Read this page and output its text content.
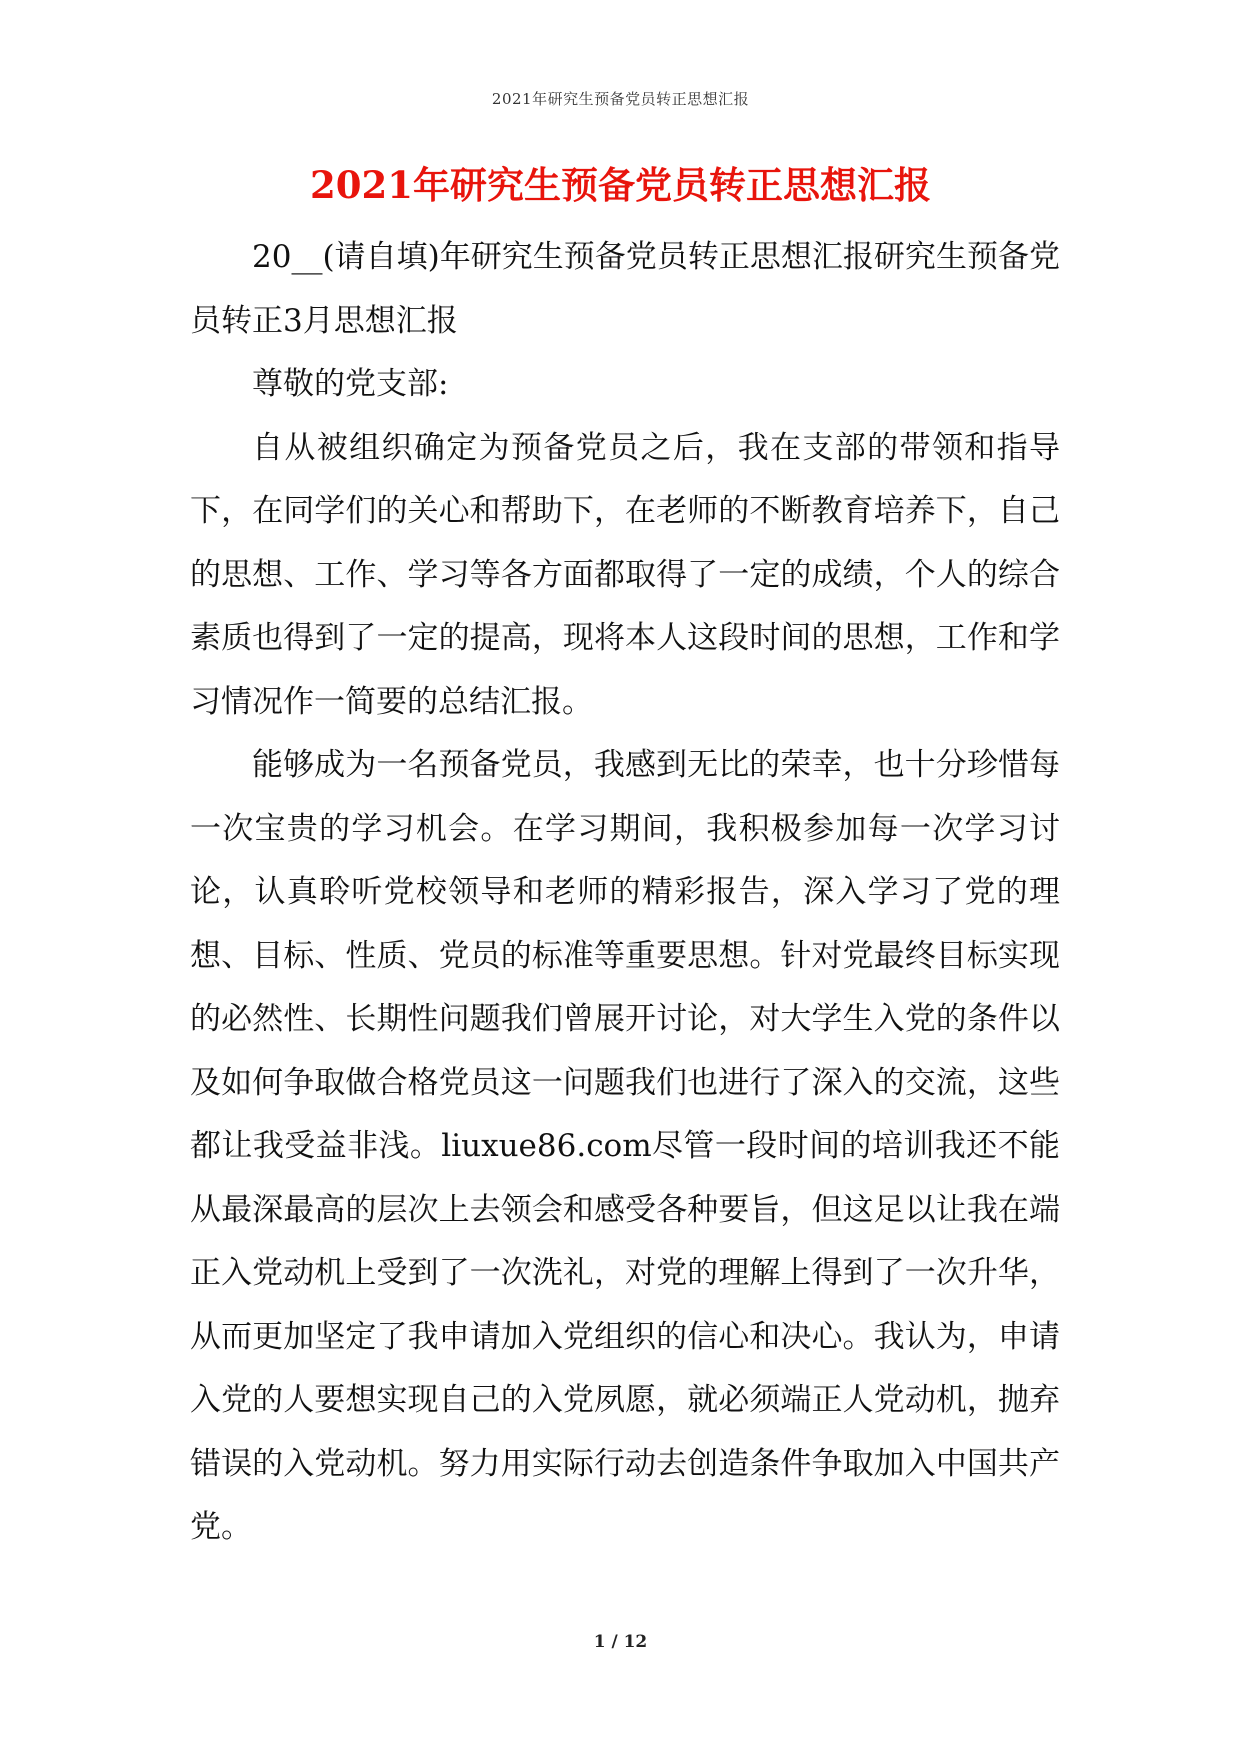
2021年研究生预备党员转正思想汇报
2021年研究生预备党员转正思想汇报

20__(请自填)年研究生预备党员转正思想汇报研究生预备党员转正3月思想汇报

尊敬的党支部:

自从被组织确定为预备党员之后，我在支部的带领和指导下，在同学们的关心和帮助下，在老师的不断教育培养下，自己的思想、工作、学习等各方面都取得了一定的成绩，个人的综合素质也得到了一定的提高，现将本人这段时间的思想，工作和学习情况作一简要的总结汇报。

能够成为一名预备党员，我感到无比的荣幸，也十分珍惜每一次宝贵的学习机会。在学习期间，我积极参加每一次学习讨论，认真聆听党校领导和老师的精彩报告，深入学习了党的理想、目标、性质、党员的标准等重要思想。针对党最终目标实现的必然性、长期性问题我们曾展开讨论，对大学生入党的条件以及如何争取做合格党员这一问题我们也进行了深入的交流，这些都让我受益非浅。liuxue86.com尽管一段时间的培训我还不能从最深最高的层次上去领会和感受各种要旨，但这足以让我在端正入党动机上受到了一次洗礼，对党的理解上得到了一次升华，从而更加坚定了我申请加入党组织的信心和决心。我认为，申请入党的人要想实现自己的入党夙愿，就必须端正人党动机，抛弃错误的入党动机。努力用实际行动去创造条件争取加入中国共产党。

1 / 12
